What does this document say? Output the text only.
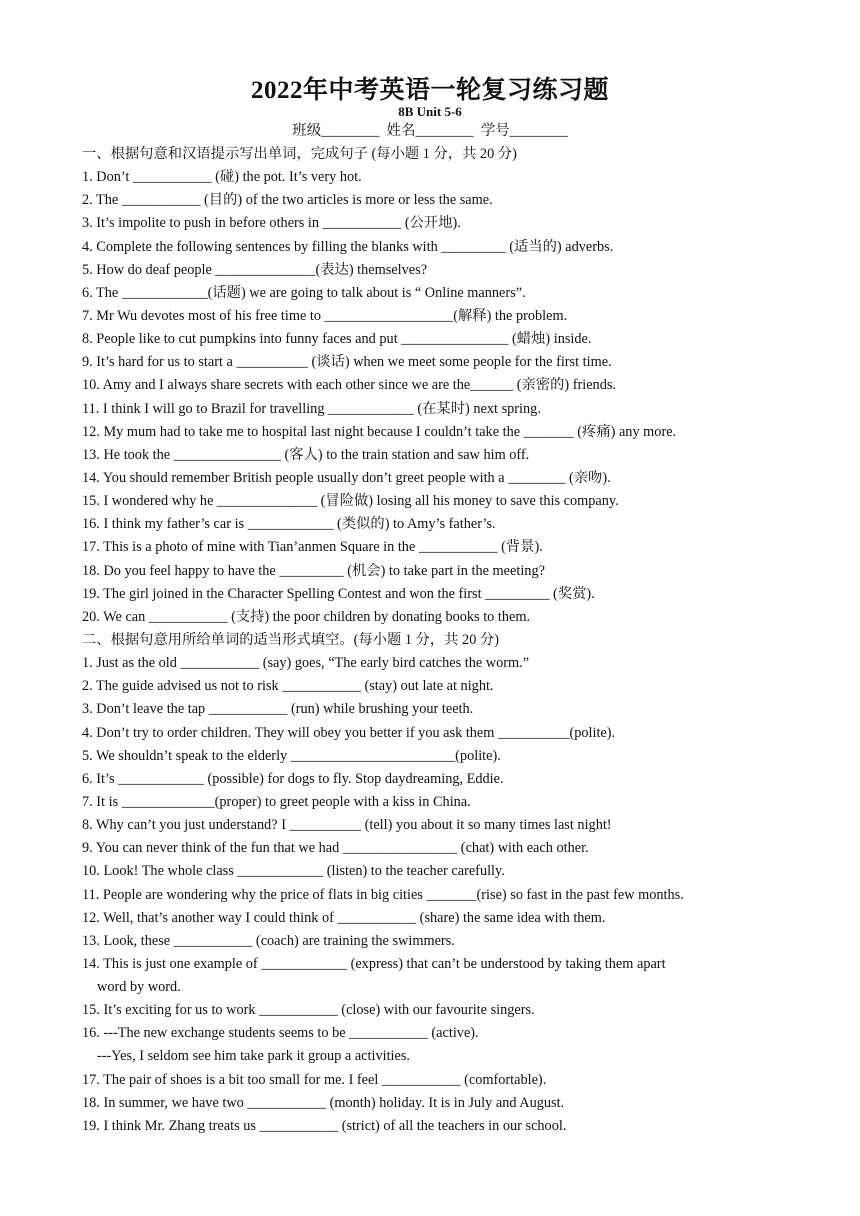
2022年中考英语一轮复习练习题
8B Unit 5-6
班级________  姓名________  学号________
一、根据句意和汉语提示写出单词，完成句子 (每小题 1 分，共 20 分)
1. Don’t ___________ (碰) the pot. It’s very hot.
2. The ___________ (目的) of the two articles is more or less the same.
3. It’s impolite to push in before others in ___________ (公开地).
4. Complete the following sentences by filling the blanks with _________ (适当的) adverbs.
5. How do deaf people ______________(表达) themselves?
6. The ____________(话题) we are going to talk about is “ Online manners”.
7. Mr Wu devotes most of his free time to __________________(解释) the problem.
8. People like to cut pumpkins into funny faces and put _______________ (蜡烛) inside.
9. It’s hard for us to start a __________ (谈话) when we meet some people for the first time.
10. Amy and I always share secrets with each other since we are the______ (亲密的) friends.
11. I think I will go to Brazil for travelling ____________ (在某时) next spring.
12. My mum had to take me to hospital last night because I couldn’t take the _______ (疼痛) any more.
13. He took the _______________ (客人) to the train station and saw him off.
14. You should remember British people usually don’t greet people with a ________ (亲吻).
15. I wondered why he ______________ (冒险做) losing all his money to save this company.
16. I think my father’s car is ____________ (类似的) to Amy’s father’s.
17. This is a photo of mine with Tian’anmen Square in the ___________ (背景).
18. Do you feel happy to have the _________ (机会) to take part in the meeting?
19. The girl joined in the Character Spelling Contest and won the first _________ (奖赏).
20. We can ___________ (支持) the poor children by donating books to them.
二、根据句意用所给单词的适当形式填空。(每小题 1 分，共 20 分)
1. Just as the old ___________ (say) goes, “The early bird catches the worm.”
2. The guide advised us not to risk ___________ (stay) out late at night.
3. Don’t leave the tap ___________ (run) while brushing your teeth.
4. Don’t try to order children. They will obey you better if you ask them __________(polite).
5. We shouldn’t speak to the elderly _______________________(polite).
6. It’s ____________ (possible) for dogs to fly. Stop daydreaming, Eddie.
7. It is _____________(proper) to greet people with a kiss in China.
8. Why can’t you just understand? I __________ (tell) you about it so many times last night!
9. You can never think of the fun that we had ________________ (chat) with each other.
10. Look! The whole class ____________ (listen) to the teacher carefully.
11. People are wondering why the price of flats in big cities _______(rise) so fast in the past few months.
12. Well, that’s another way I could think of ___________ (share) the same idea with them.
13. Look, these ___________ (coach) are training the swimmers.
14. This is just one example of ____________ (express) that can’t be understood by taking them apart
word by word.
15. It’s exciting for us to work ___________ (close) with our favourite singers.
16. ---The new exchange students seems to be ___________ (active).
---Yes, I seldom see him take park it group a activities.
17. The pair of shoes is a bit too small for me. I feel ___________ (comfortable).
18. In summer, we have two ___________ (month) holiday. It is in July and August.
19. I think Mr. Zhang treats us ___________ (strict) of all the teachers in our school.
